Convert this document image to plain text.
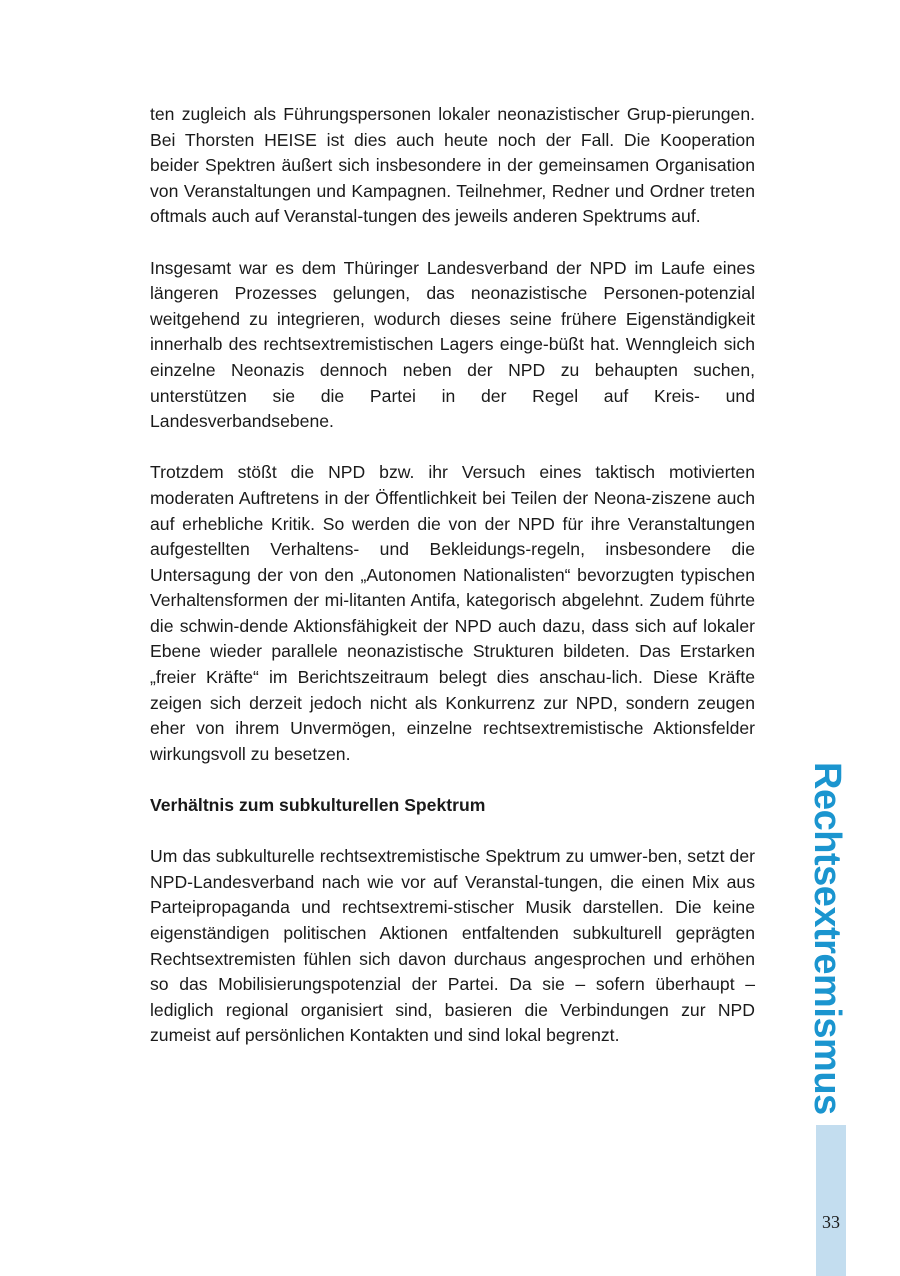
ten zugleich als Führungspersonen lokaler neonazistischer Grup-pierungen. Bei Thorsten HEISE ist dies auch heute noch der Fall. Die Kooperation beider Spektren äußert sich insbesondere in der gemeinsamen Organisation von Veranstaltungen und Kampagnen. Teilnehmer, Redner und Ordner treten oftmals auch auf Veranstal-tungen des jeweils anderen Spektrums auf.

Insgesamt war es dem Thüringer Landesverband der NPD im Laufe eines längeren Prozesses gelungen, das neonazistische Personen-potenzial weitgehend zu integrieren, wodurch dieses seine frühere Eigenständigkeit innerhalb des rechtsextremistischen Lagers einge-büßt hat. Wenngleich sich einzelne Neonazis dennoch neben der NPD zu behaupten suchen, unterstützen sie die Partei in der Regel auf Kreis- und Landesverbandsebene.

Trotzdem stößt die NPD bzw. ihr Versuch eines taktisch motivierten moderaten Auftretens in der Öffentlichkeit bei Teilen der Neona-ziszene auch auf erhebliche Kritik. So werden die von der NPD für ihre Veranstaltungen aufgestellten Verhaltens- und Bekleidungs-regeln, insbesondere die Untersagung der von den „Autonomen Nationalisten“ bevorzugten typischen Verhaltensformen der mi-litanten Antifa, kategorisch abgelehnt. Zudem führte die schwin-dende Aktionsfähigkeit der NPD auch dazu, dass sich auf lokaler Ebene wieder parallele neonazistische Strukturen bildeten. Das Erstarken „freier Kräfte“ im Berichtszeitraum belegt dies anschau-lich. Diese Kräfte zeigen sich derzeit jedoch nicht als Konkurrenz zur NPD, sondern zeugen eher von ihrem Unvermögen, einzelne rechtsextremistische Aktionsfelder wirkungsvoll zu besetzen.

Verhältnis zum subkulturellen Spektrum

Um das subkulturelle rechtsextremistische Spektrum zu umwer-ben, setzt der NPD-Landesverband nach wie vor auf Veranstal-tungen, die einen Mix aus Parteipropaganda und rechtsextremi-stischer Musik darstellen. Die keine eigenständigen politischen Aktionen entfaltenden subkulturell geprägten Rechtsextremisten fühlen sich davon durchaus angesprochen und erhöhen so das Mobilisierungspotenzial der Partei. Da sie – sofern überhaupt – lediglich regional organisiert sind, basieren die Verbindungen zur NPD zumeist auf persönlichen Kontakten und sind lokal begrenzt.	Rechtsextremismus
33
